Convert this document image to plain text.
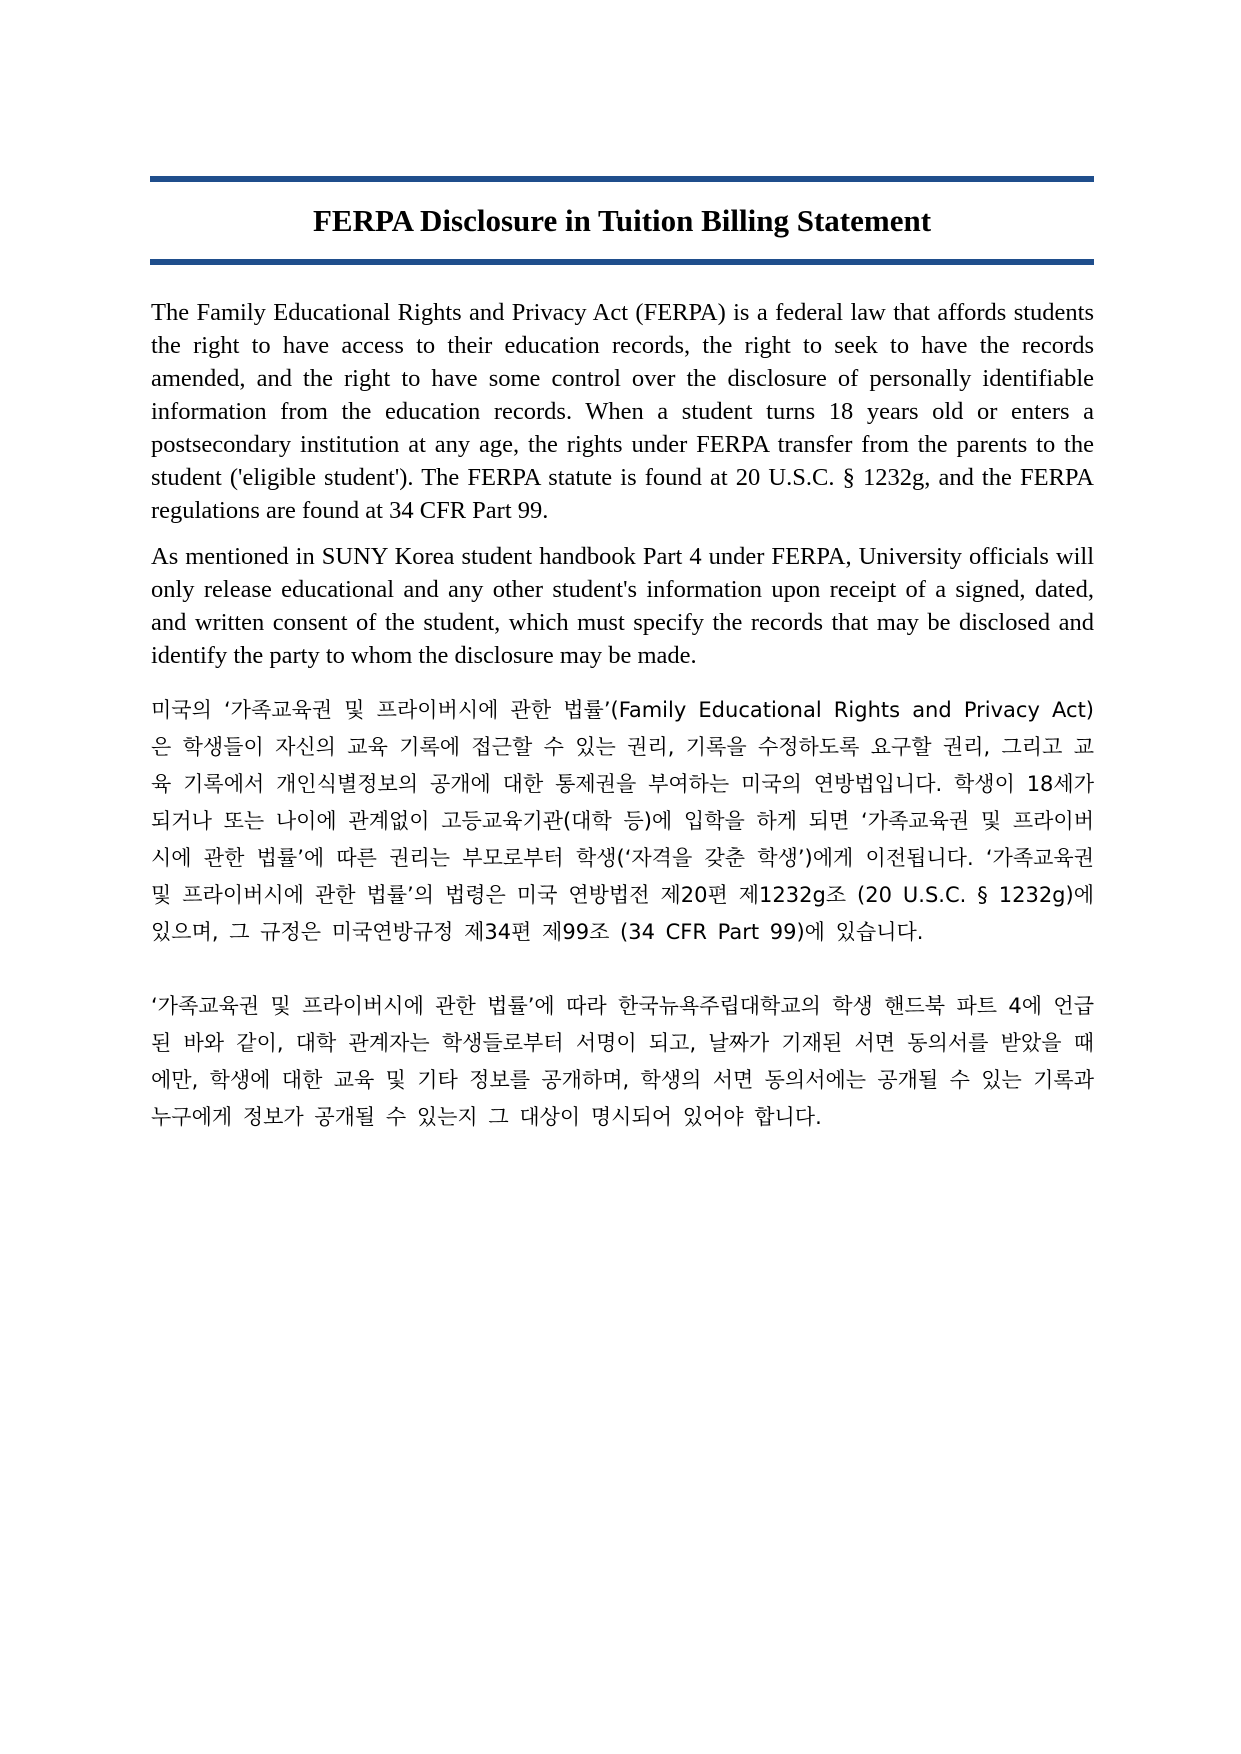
FERPA Disclosure in Tuition Billing Statement

The Family Educational Rights and Privacy Act (FERPA) is a federal law that affords students the right to have access to their education records, the right to seek to have the records amended, and the right to have some control over the disclosure of personally identifiable information from the education records. When a student turns 18 years old or enters a postsecondary institution at any age, the rights under FERPA transfer from the parents to the student ('eligible student'). The FERPA statute is found at 20 U.S.C. § 1232g, and the FERPA regulations are found at 34 CFR Part 99.

As mentioned in SUNY Korea student handbook Part 4 under FERPA, University officials will only release educational and any other student's information upon receipt of a signed, dated, and written consent of the student, which must specify the records that may be disclosed and identify the party to whom the disclosure may be made.

미국의 ‘가족교육권 및 프라이버시에 관한 법률’(Family Educational Rights and Privacy Act)은 학생들이 자신의 교육 기록에 접근할 수 있는 권리, 기록을 수정하도록 요구할 권리, 그리고 교육 기록에서 개인식별정보의 공개에 대한 통제권을 부여하는 미국의 연방법입니다. 학생이 18세가 되거나 또는 나이에 관계없이 고등교육기관(대학 등)에 입학을 하게 되면 ‘가족교육권 및 프라이버시에 관한 법률’에 따른 권리는 부모로부터 학생(‘자격을 갖춘 학생’)에게 이전됩니다. ‘가족교육권 및 프라이버시에 관한 법률’의 법령은 미국 연방법전 제20편 제1232g조 (20 U.S.C. § 1232g)에 있으며, 그 규정은 미국연방규정 제34편 제99조 (34 CFR Part 99)에 있습니다.

‘가족교육권 및 프라이버시에 관한 법률’에 따라 한국뉴욕주립대학교의 학생 핸드북 파트 4에 언급된 바와 같이, 대학 관계자는 학생들로부터 서명이 되고, 날짜가 기재된 서면 동의서를 받았을 때에만, 학생에 대한 교육 및 기타 정보를 공개하며, 학생의 서면 동의서에는 공개될 수 있는 기록과 누구에게 정보가 공개될 수 있는지 그 대상이 명시되어 있어야 합니다.
